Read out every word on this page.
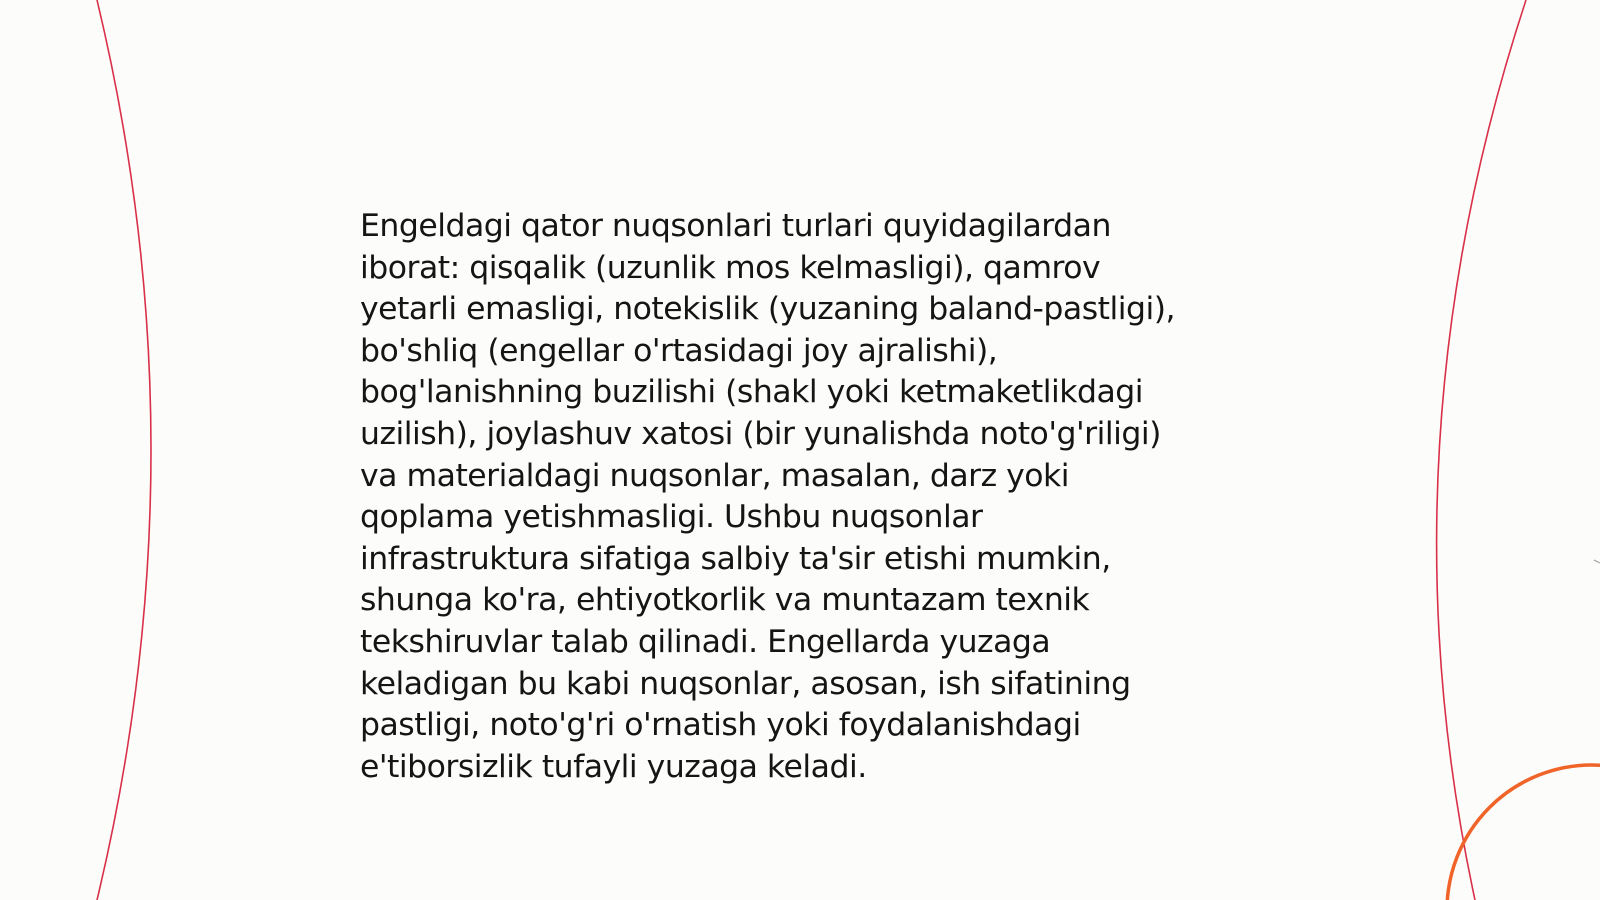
Engeldagi qator nuqsonlari turlari quyidagilardan
iborat: qisqalik (uzunlik mos kelmasligi), qamrov
yetarli emasligi, notekislik (yuzaning baland-pastligi),
bo'shliq (engellar o'rtasidagi joy ajralishi),
bog'lanishning buzilishi (shakl yoki ketmaketlikdagi
uzilish), joylashuv xatosi (bir yunalishda noto'g'riligi)
va materialdagi nuqsonlar, masalan, darz yoki
qoplama yetishmasligi. Ushbu nuqsonlar
infrastruktura sifatiga salbiy ta'sir etishi mumkin,
shunga ko'ra, ehtiyotkorlik va muntazam texnik
tekshiruvlar talab qilinadi. Engellarda yuzaga
keladigan bu kabi nuqsonlar, asosan, ish sifatining
pastligi, noto'g'ri o'rnatish yoki foydalanishdagi
e'tiborsizlik tufayli yuzaga keladi.
